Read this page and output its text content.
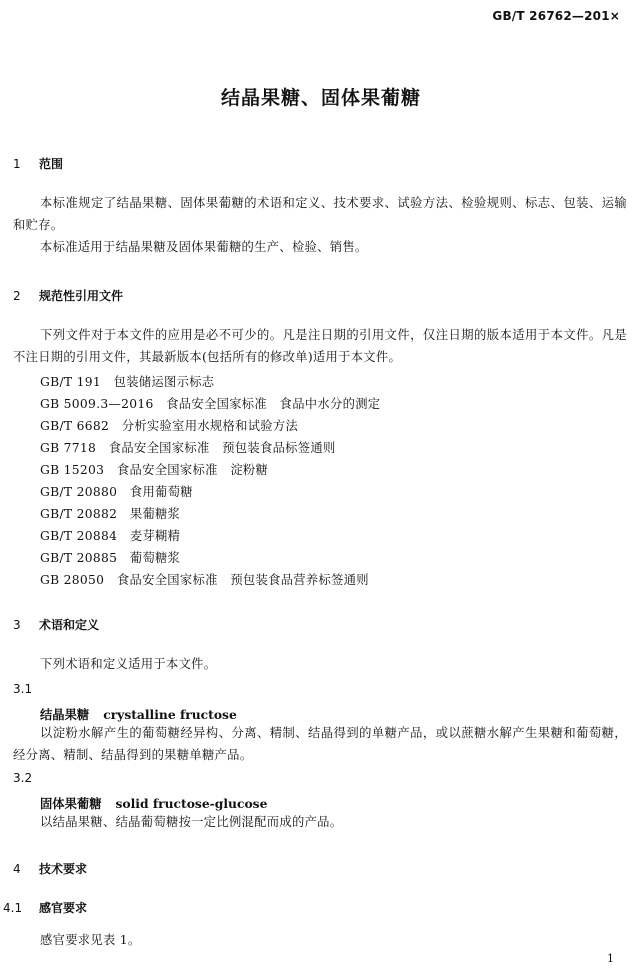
GB/T 26762—201×
结晶果糖、固体果葡糖
1 范围
本标准规定了结晶果糖、固体果葡糖的术语和定义、技术要求、试验方法、检验规则、标志、包装、运输和贮存。
本标准适用于结晶果糖及固体果葡糖的生产、检验、销售。
2 规范性引用文件
下列文件对于本文件的应用是必不可少的。凡是注日期的引用文件，仅注日期的版本适用于本文件。凡是不注日期的引用文件，其最新版本(包括所有的修改单)适用于本文件。
GB/T 191   包装储运图示标志
GB 5009.3—2016   食品安全国家标准   食品中水分的测定
GB/T 6682   分析实验室用水规格和试验方法
GB 7718   食品安全国家标准   预包装食品标签通则
GB 15203   食品安全国家标准   淀粉糖
GB/T 20880   食用葡萄糖
GB/T 20882   果葡糖浆
GB/T 20884   麦芽糊精
GB/T 20885   葡萄糖浆
GB 28050   食品安全国家标准   预包装食品营养标签通则
3 术语和定义
下列术语和定义适用于本文件。
3.1
结晶果糖 crystalline fructose
以淀粉水解产生的葡萄糖经异构、分离、精制、结晶得到的单糖产品，或以蔗糖水解产生果糖和葡萄糖，经分离、精制、结晶得到的果糖单糖产品。
3.2
固体果葡糖 solid fructose-glucose
以结晶果糖、结晶葡萄糖按一定比例混配而成的产品。
4 技术要求
4.1 感官要求
感官要求见表 1。
1
